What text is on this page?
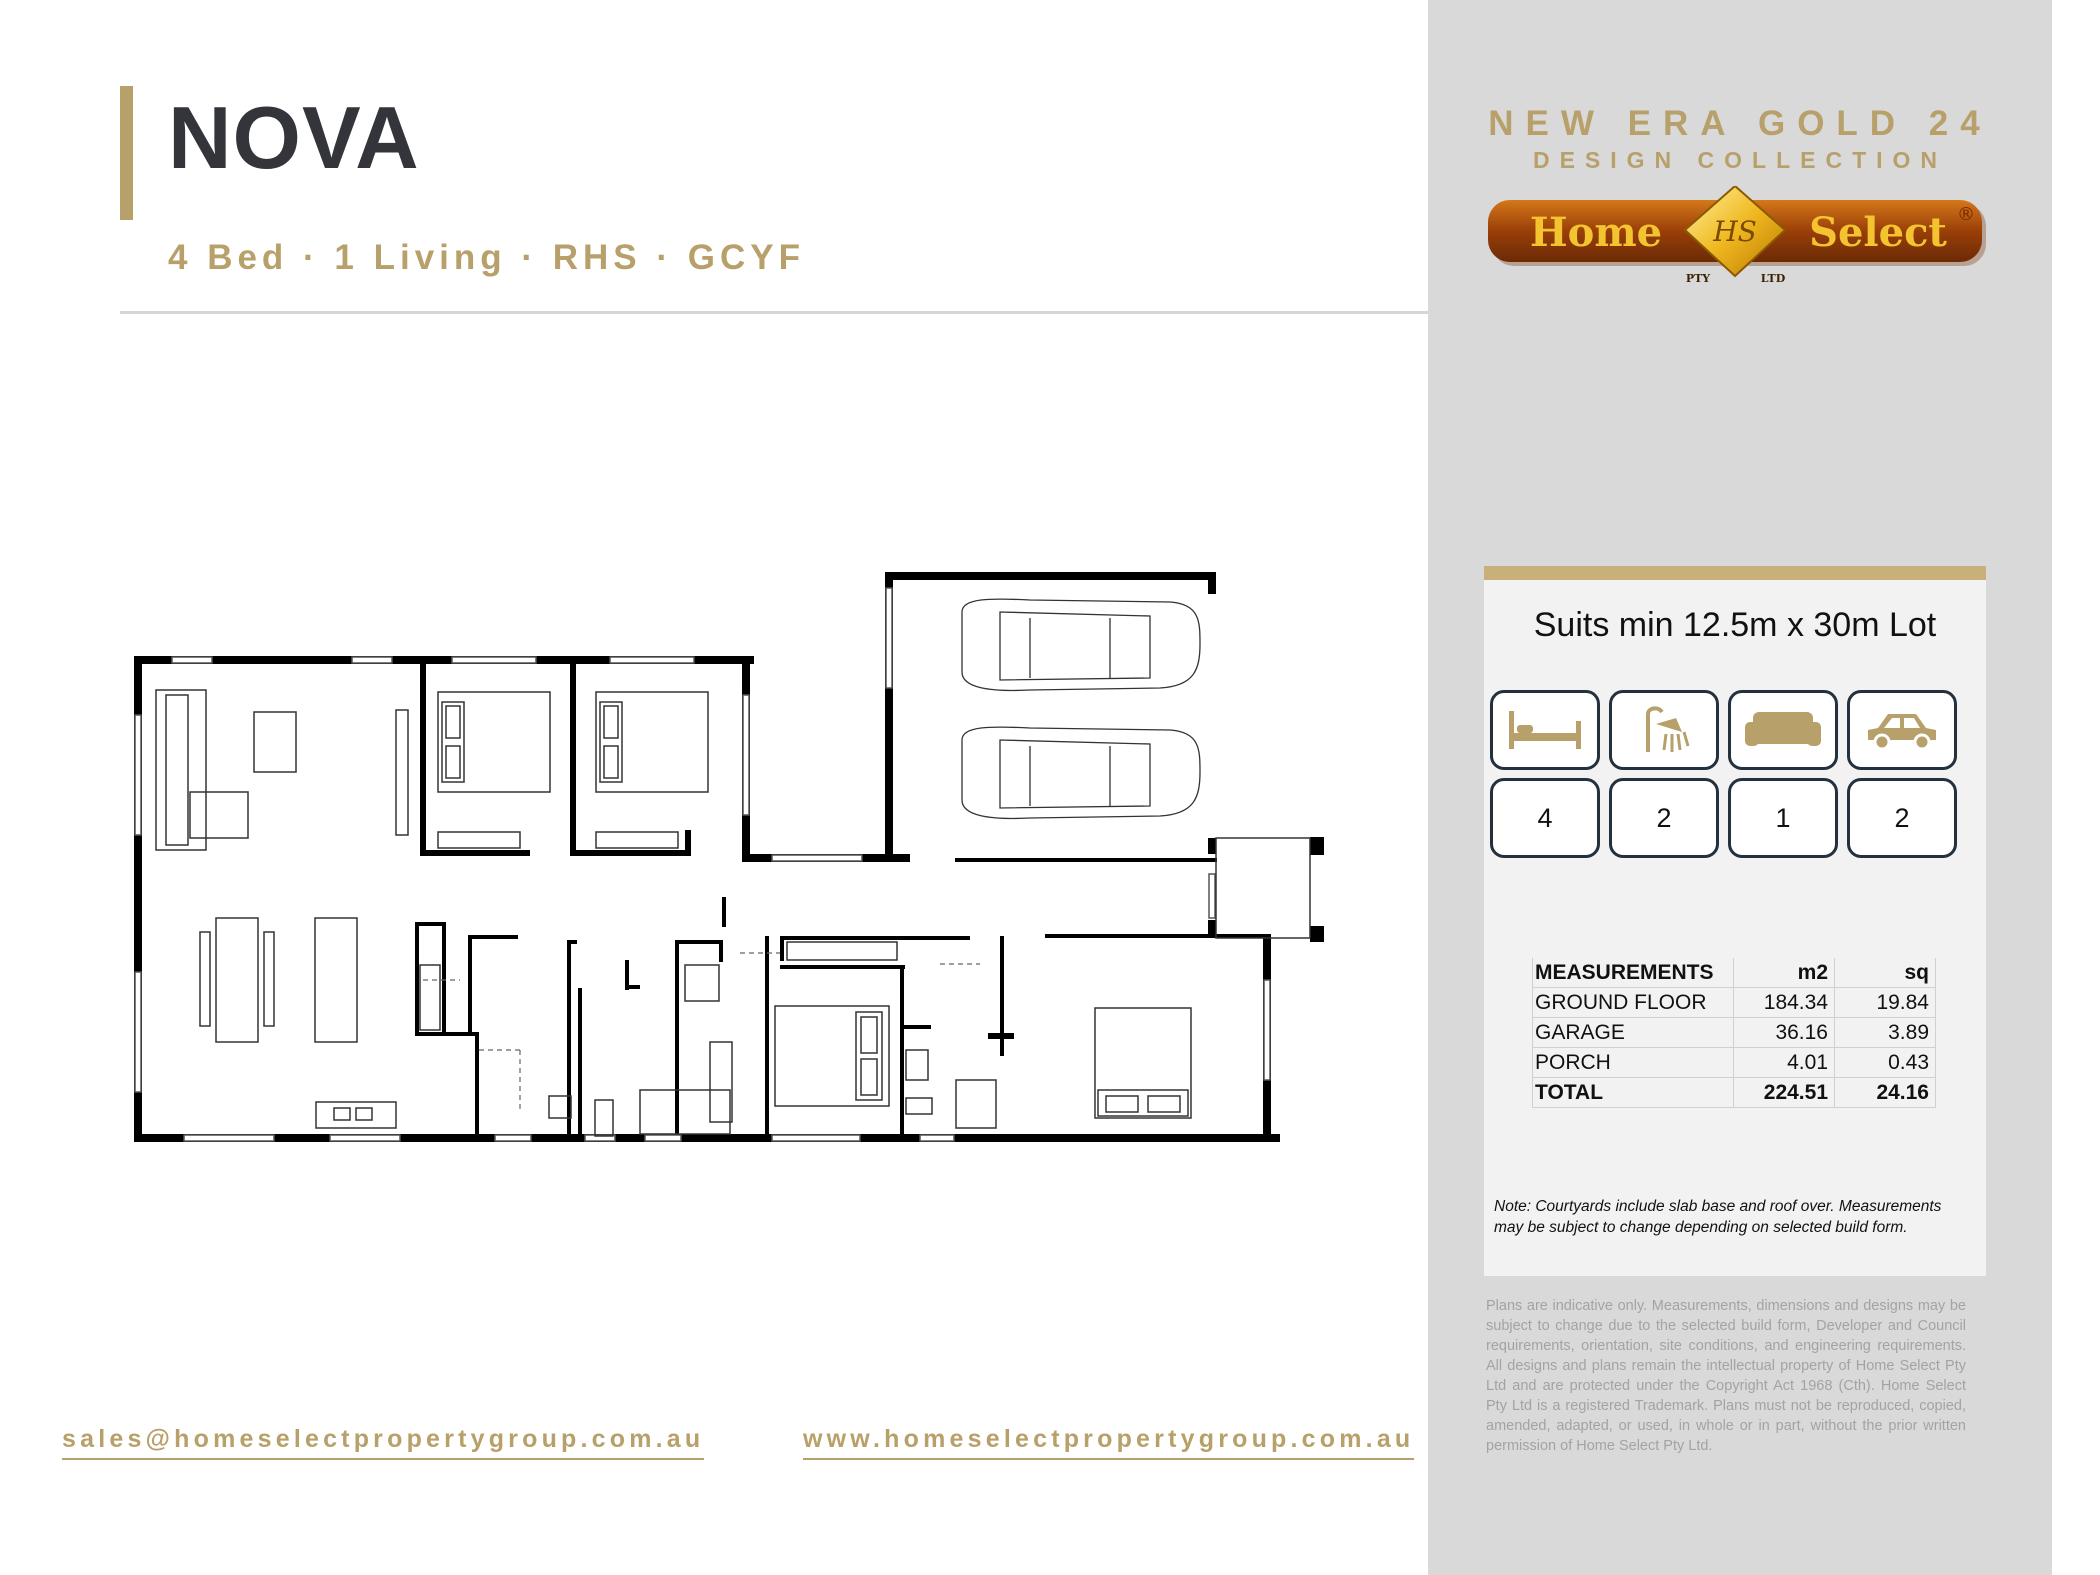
NOVA
4 Bed · 1 Living · RHS · GCYF
sales@homeselectpropertygroup.com.au	www.homeselectpropertygroup.com.au
NEW ERA GOLD 24
DESIGN COLLECTION
Home	Select
HS
PTY	LTD
®
Suits min 12.5m x 30m Lot
4	2	1	2
MEASUREMENTS	m2	sq
GROUND FLOOR	184.34	19.84
GARAGE	36.16	3.89
PORCH	4.01	0.43
TOTAL	224.51	24.16
Note: Courtyards include slab base and roof over. Measurements may be subject to change depending on selected build form.
Plans are indicative only. Measurements, dimensions and designs may be subject to change due to the selected build form, Developer and Council requirements, orientation, site conditions, and engineering requirements. All designs and plans remain the intellectual property of Home Select Pty Ltd and are protected under the Copyright Act 1968 (Cth). Home Select Pty Ltd is a registered Trademark. Plans must not be reproduced, copied, amended, adapted, or used, in whole or in part, without the prior written permission of Home Select Pty Ltd.
